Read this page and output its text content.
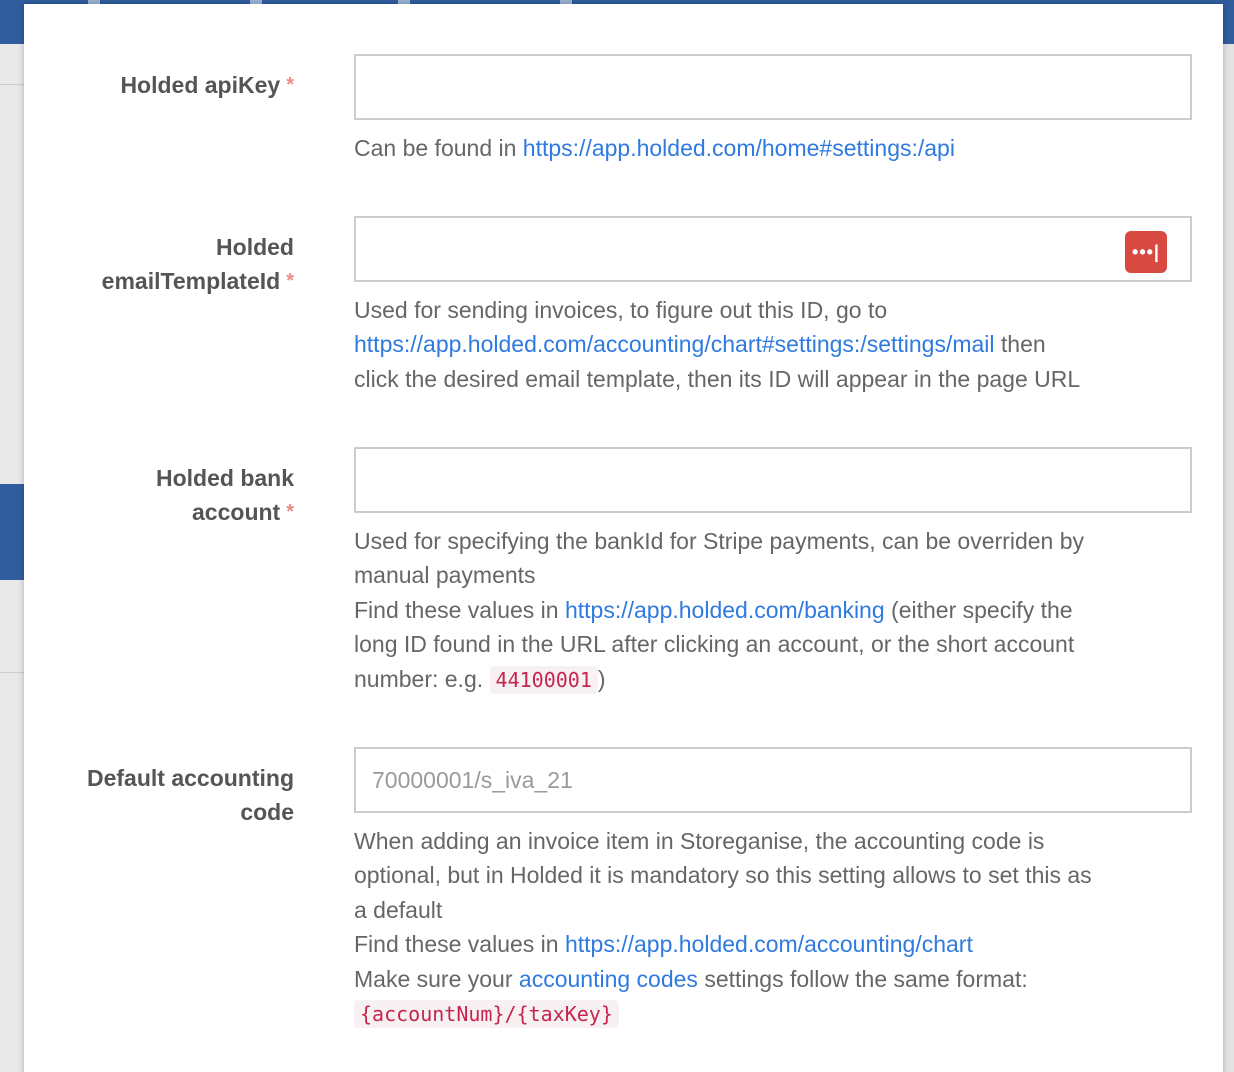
Holded apiKey *
Can be found in https://app.holded.com/home#settings:/api
Holded
emailTemplateId *
•••|
Used for sending invoices, to figure out this ID, go to
https://app.holded.com/accounting/chart#settings:/settings/mail then
click the desired email template, then its ID will appear in the page URL
Holded bank
account *
Used for specifying the bankId for Stripe payments, can be overriden by
manual payments
Find these values in https://app.holded.com/banking (either specify the
long ID found in the URL after clicking an account, or the short account
number: e.g. 44100001 )
Default accounting
code
70000001/s_iva_21
When adding an invoice item in Storeganise, the accounting code is
optional, but in Holded it is mandatory so this setting allows to set this as
a default
Find these values in https://app.holded.com/accounting/chart
Make sure your accounting codes settings follow the same format:
{accountNum}/{taxKey}
